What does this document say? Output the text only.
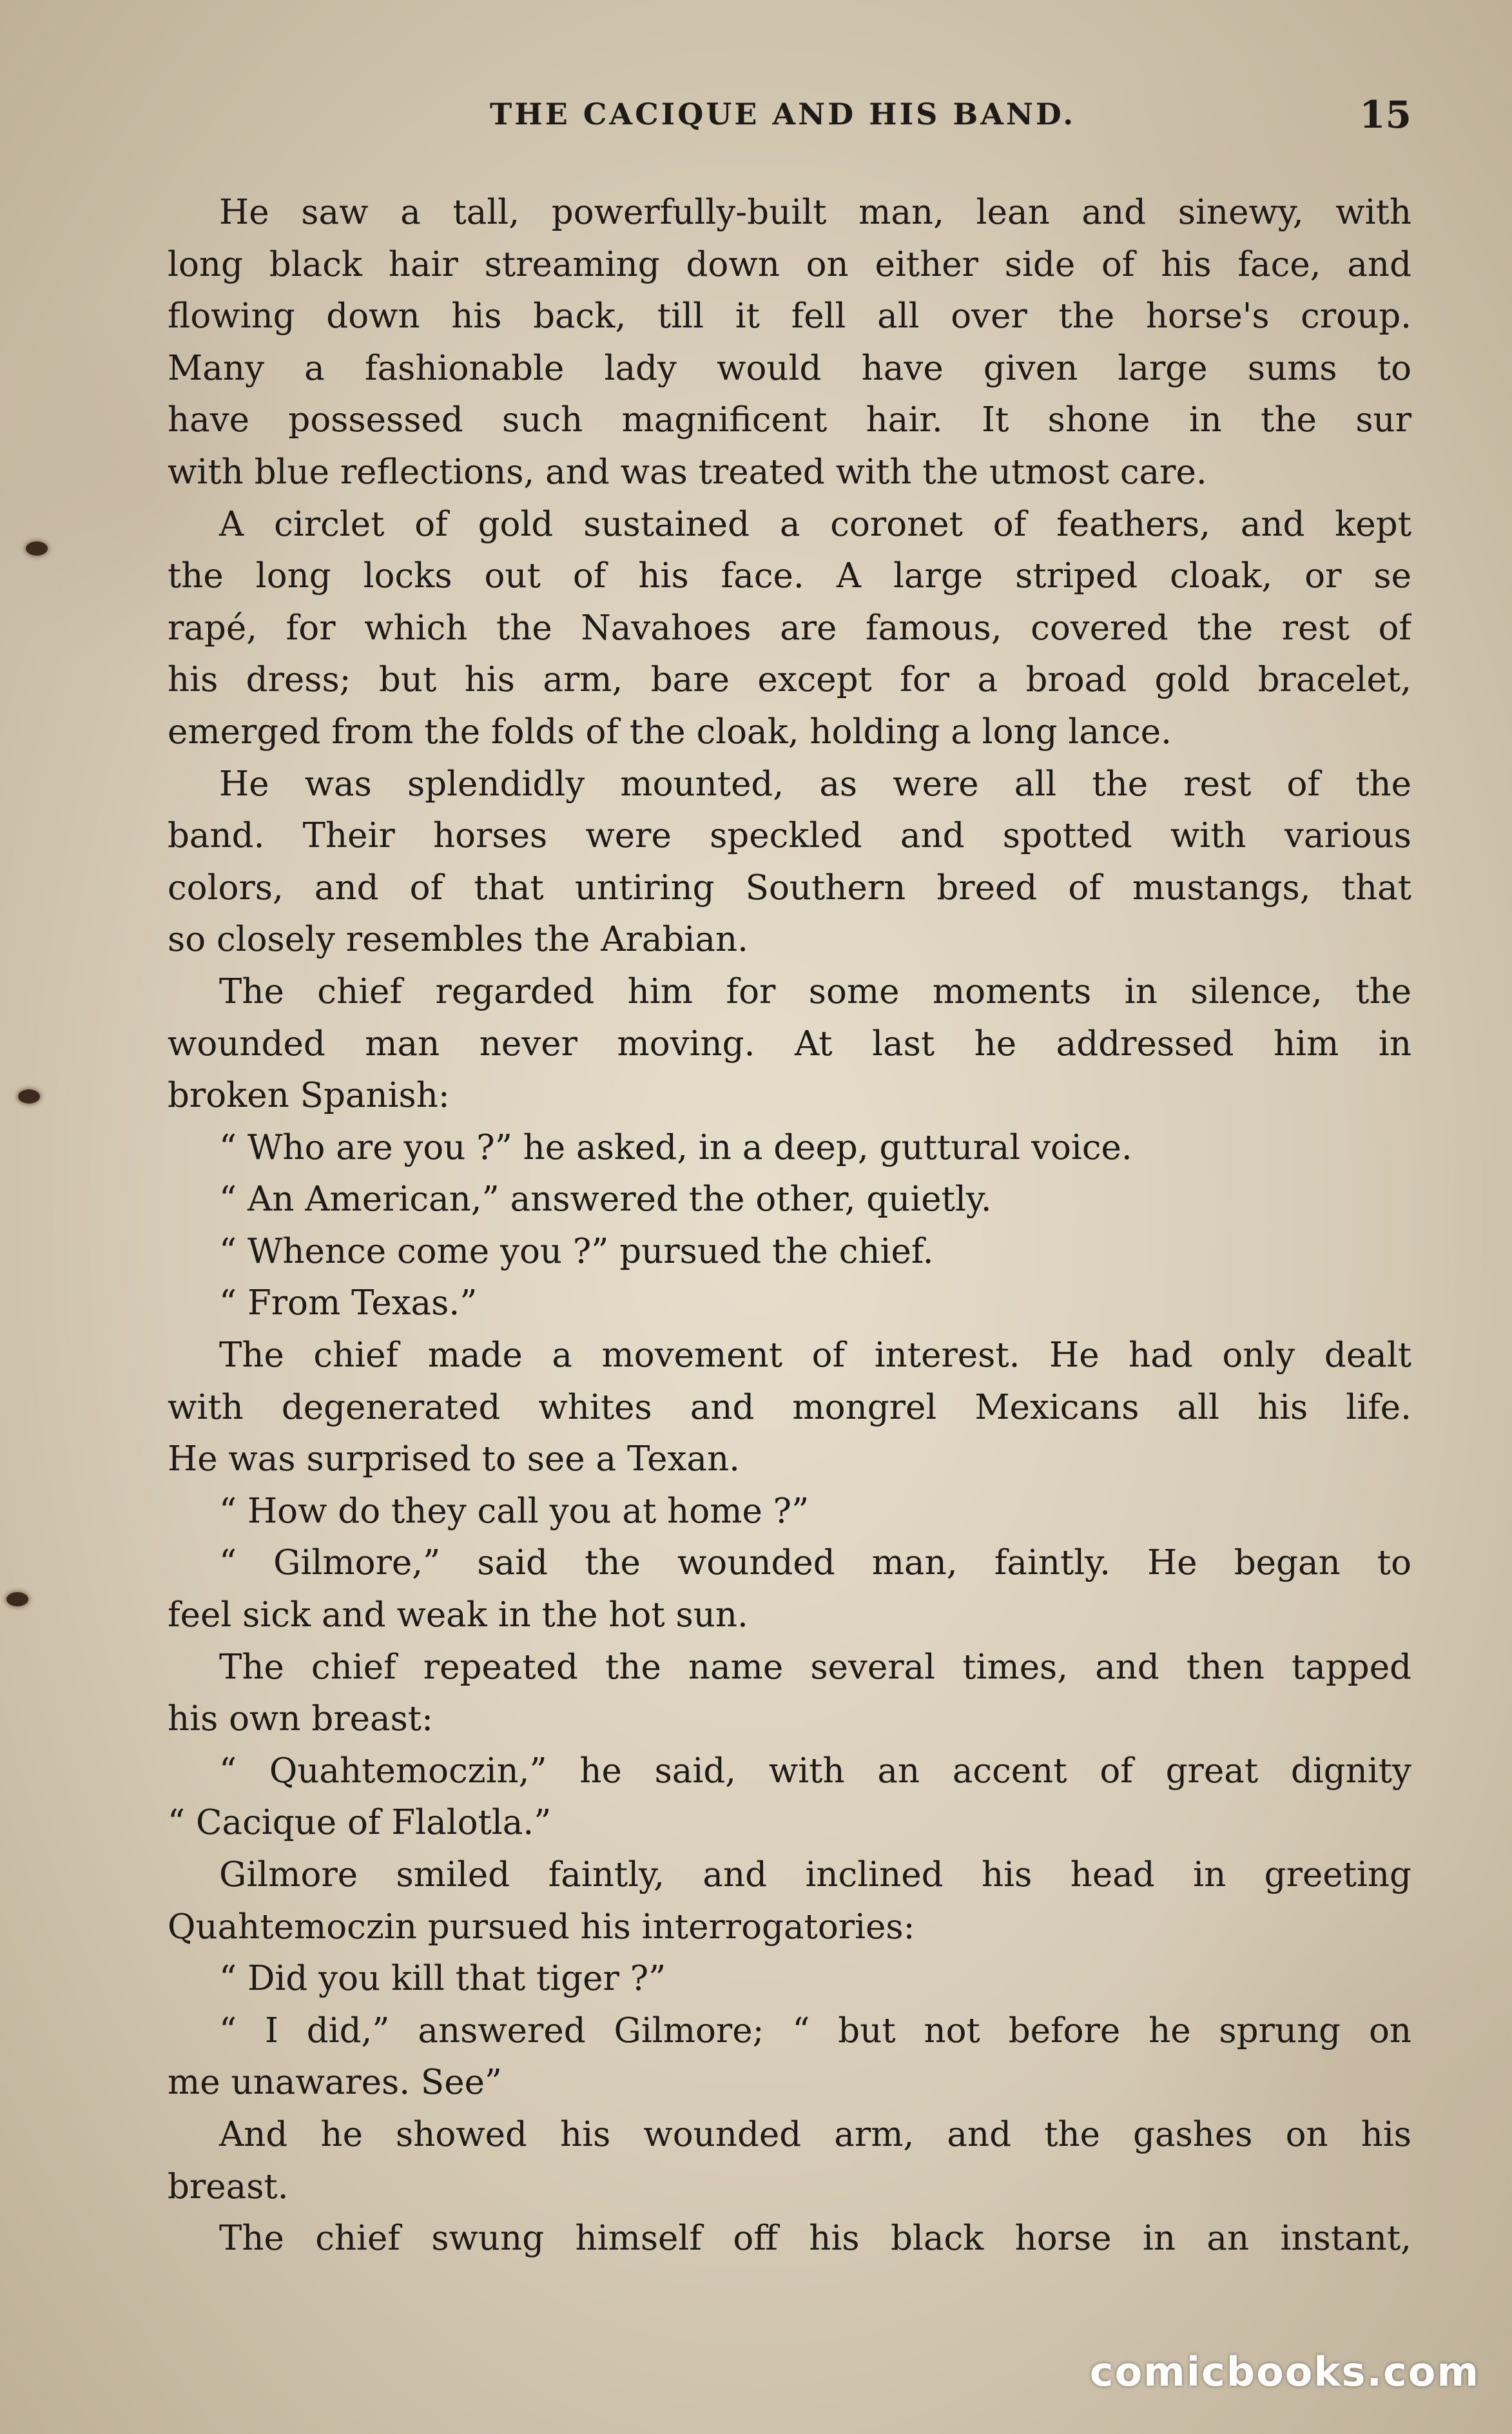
THE CACIQUE AND HIS BAND.	15
He saw a tall, powerfully-built man, lean and sinewy, with
long black hair streaming down on either side of his face, and
flowing down his back, till it fell all over the horse's croup.
Many a fashionable lady would have given large sums to
have possessed such magnificent hair. It shone in the sur
with blue reflections, and was treated with the utmost care.
A circlet of gold sustained a coronet of feathers, and kept
the long locks out of his face. A large striped cloak, or se
rapé, for which the Navahoes are famous, covered the rest of
his dress; but his arm, bare except for a broad gold bracelet,
emerged from the folds of the cloak, holding a long lance.
He was splendidly mounted, as were all the rest of the
band. Their horses were speckled and spotted with various
colors, and of that untiring Southern breed of mustangs, that
so closely resembles the Arabian.
The chief regarded him for some moments in silence, the
wounded man never moving. At last he addressed him in
broken Spanish:
“ Who are you ?” he asked, in a deep, guttural voice.
“ An American,” answered the other, quietly.
“ Whence come you ?” pursued the chief.
“ From Texas.”
The chief made a movement of interest. He had only dealt
with degenerated whites and mongrel Mexicans all his life.
He was surprised to see a Texan.
“ How do they call you at home ?”
“ Gilmore,” said the wounded man, faintly. He began to
feel sick and weak in the hot sun.
The chief repeated the name several times, and then tapped
his own breast:
“ Quahtemoczin,” he said, with an accent of great dignity
“ Cacique of Flalotla.”
Gilmore smiled faintly, and inclined his head in greeting
Quahtemoczin pursued his interrogatories:
“ Did you kill that tiger ?”
“ I did,” answered Gilmore; “ but not before he sprung on
me unawares. See”
And he showed his wounded arm, and the gashes on his
breast.
The chief swung himself off his black horse in an instant,
comicbooks.com
